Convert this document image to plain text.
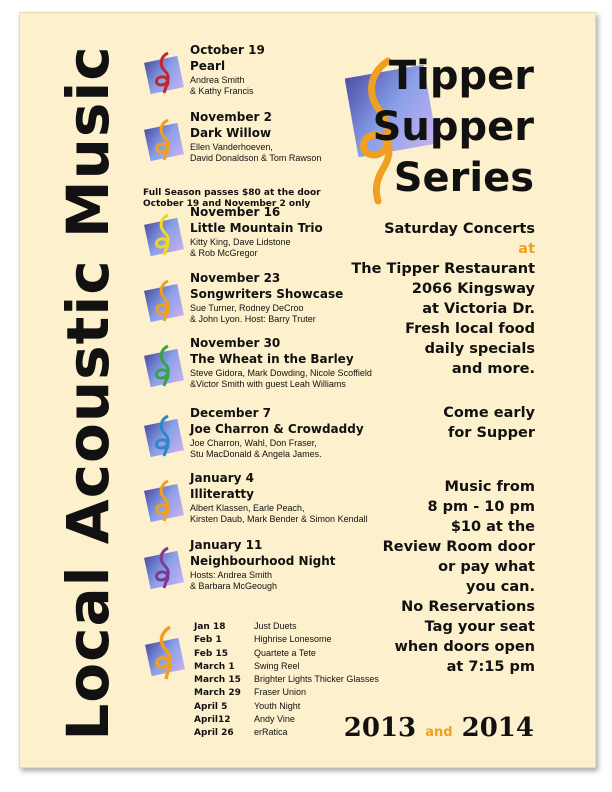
Local Acoustic Music	October 19
Pearl
Andrea Smith
& Kathy Francis
November 2
Dark Willow
Ellen Vanderhoeven,
David Donaldson & Tom Rawson
Full Season passes $80 at the door
October 19 and November 2 only
November 16
Little Mountain Trio
Kitty King, Dave Lidstone
& Rob McGregor
November 23
Songwriters Showcase
Sue Turner, Rodney DeCroo
& John Lyon. Host: Barry Truter
November 30
The Wheat in the Barley
Steve Gidora, Mark Dowding, Nicole Scoffield
&Victor Smith with guest Leah Williams
December 7
Joe Charron & Crowdaddy
Joe Charron, Wahl, Don Fraser,
Stu MacDonald & Angela James.
January 4
Illiteratty
Albert Klassen, Earle Peach,
Kirsten Daub, Mark Bender & Simon Kendall
January 11
Neighbourhood Night
Hosts: Andrea Smith
& Barbara McGeough
Jan 18	Just Duets
Feb 1	Highrise Lonesome
Feb 15	Quartete a Tete
March 1 Swing Reel
March 15 Brighter Lights Thicker Glasses
March 29 Fraser Union
April 5	Youth Night
April12	Andy Vine
April 26 erRatica
Tipper
Supper
Series
Saturday Concerts
at
The Tipper Restaurant
2066 Kingsway
at Victoria Dr.
Fresh local food
daily specials
and more.
Come early
for Supper
Music from
8 pm - 10 pm
$10 at the
Review Room door
or pay what
you can.
No Reservations
Tag your seat
when doors open
at 7:15 pm
2013 and 2014
